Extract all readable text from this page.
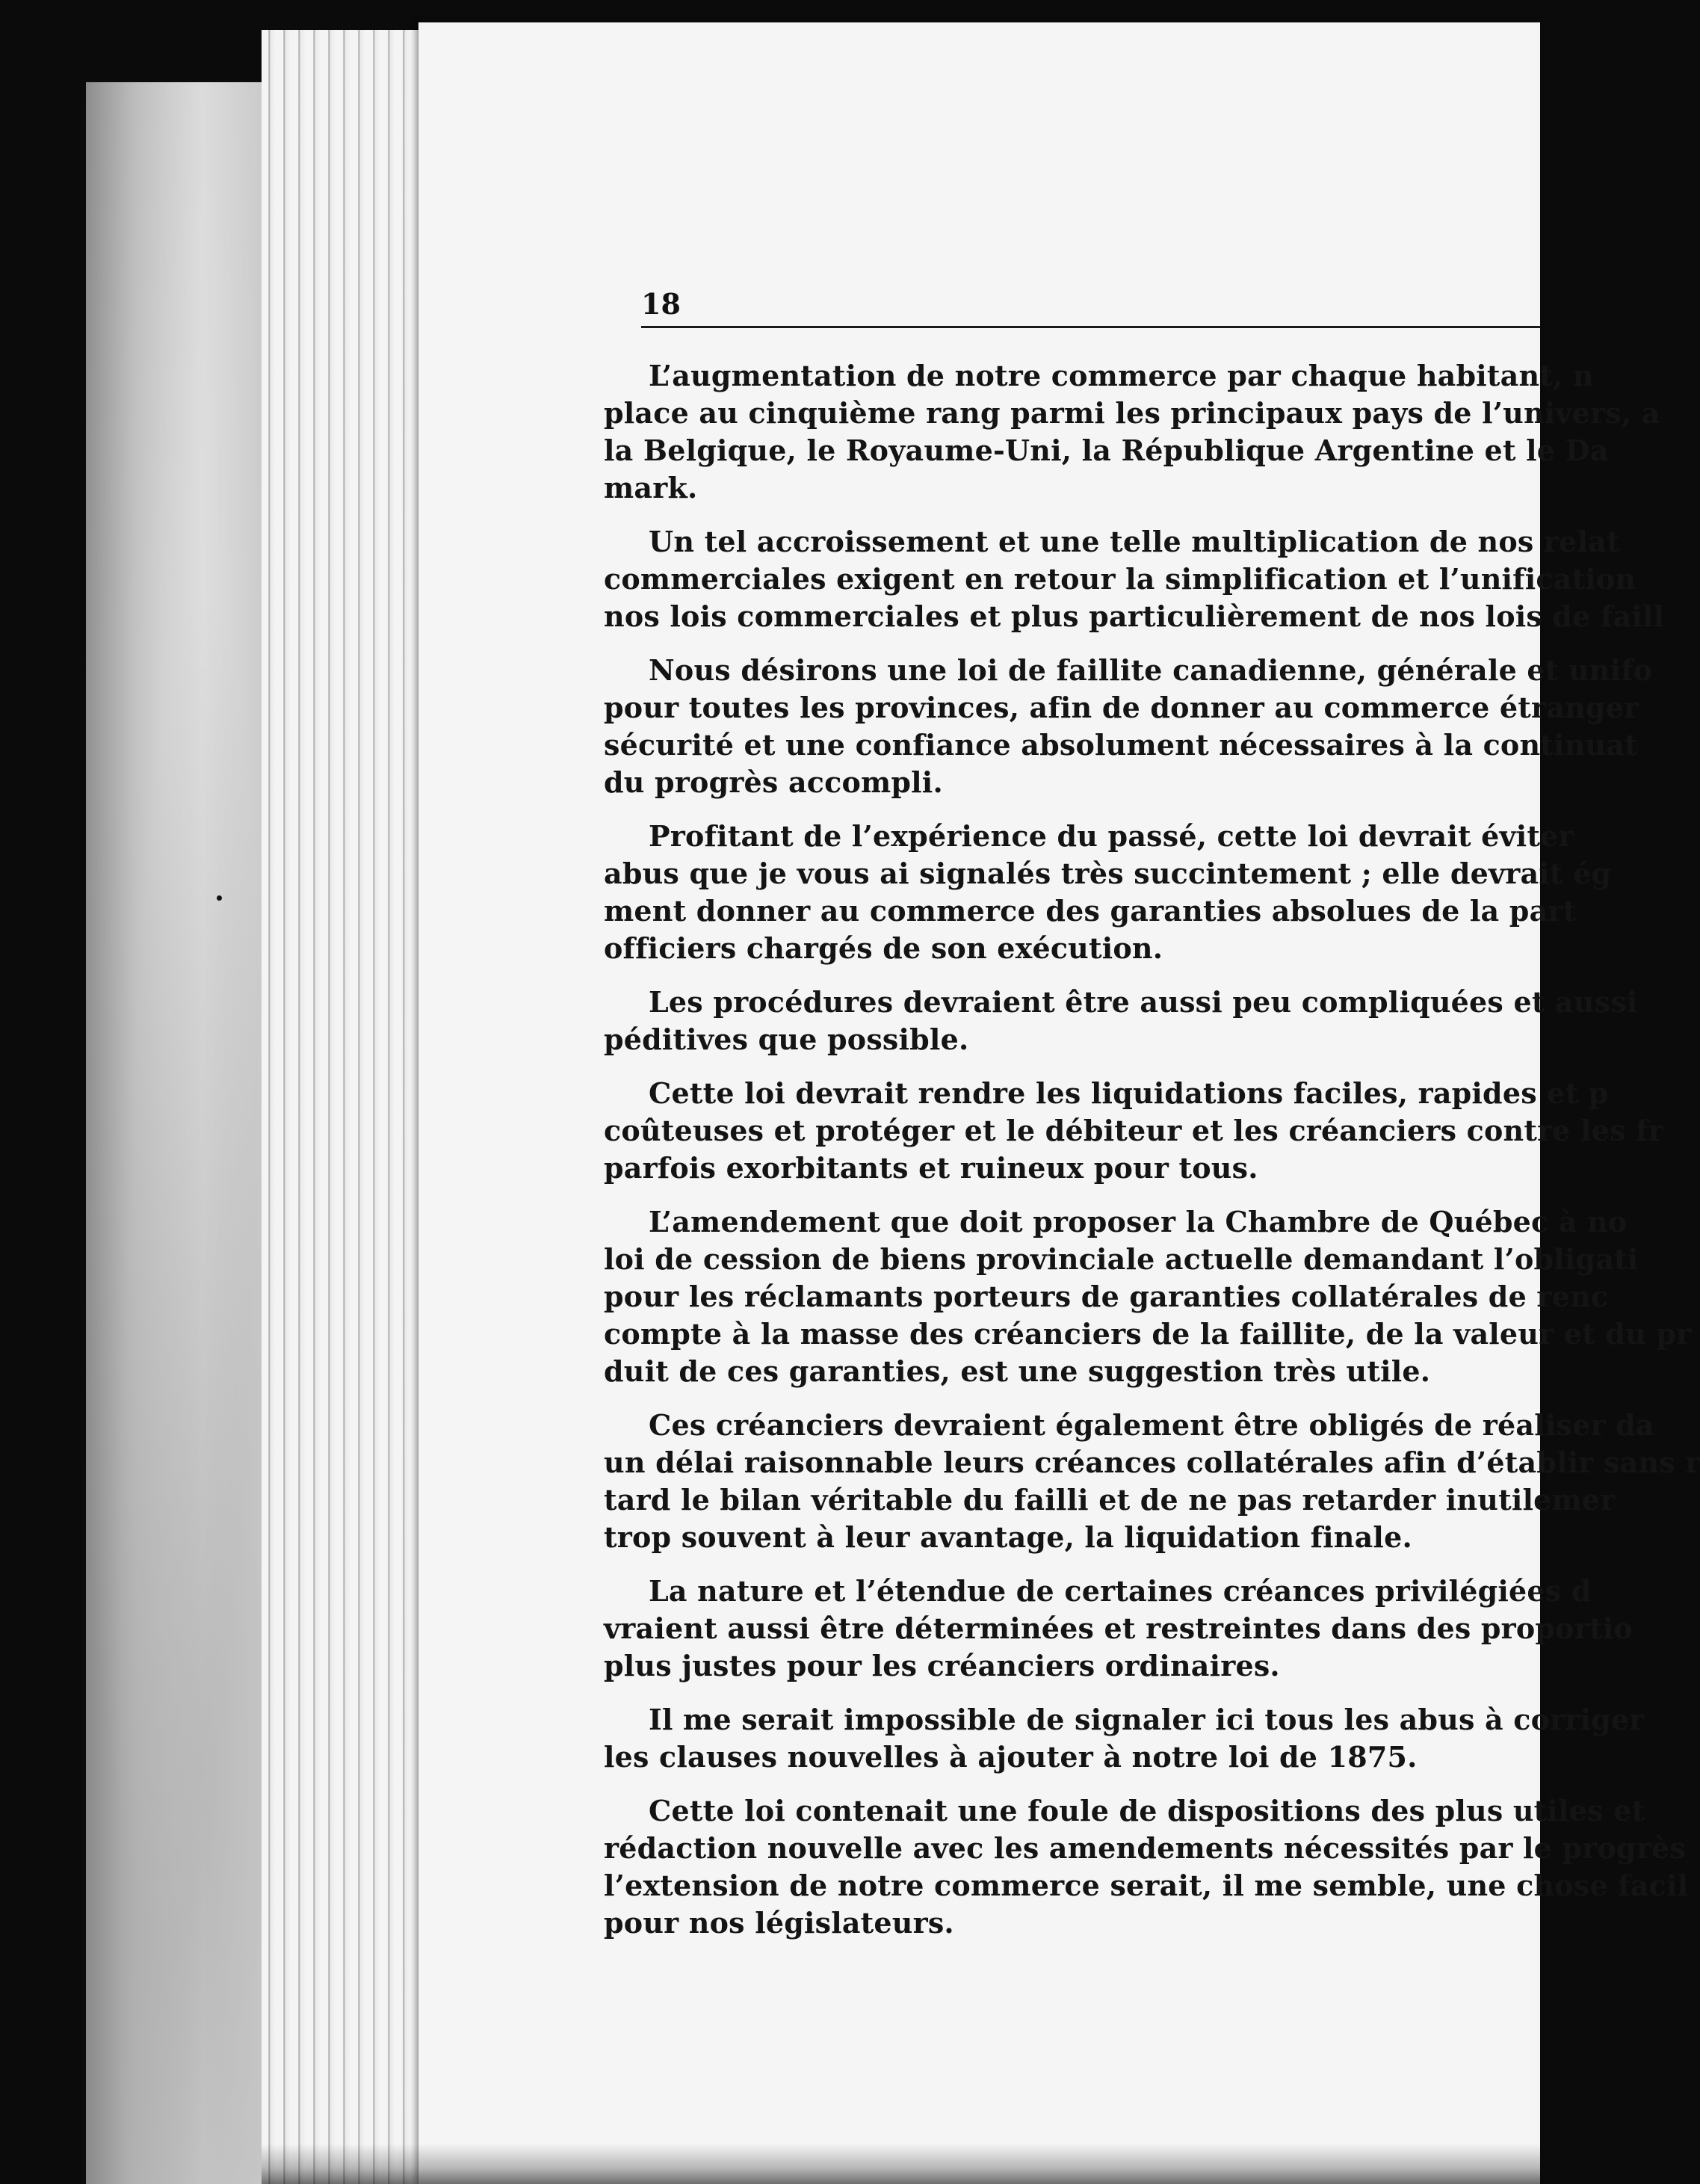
18
L’augmentation de notre commerce par chaque habitant, n
place au cinquième rang parmi les principaux pays de l’univers, a
la Belgique, le Royaume-Uni, la République Argentine et le Da
mark.
Un tel accroissement et une telle multiplication de nos relat
commerciales exigent en retour la simplification et l’unification
nos lois commerciales et plus particulièrement de nos lois de faill
Nous désirons une loi de faillite canadienne, générale et unifo
pour toutes les provinces, afin de donner au commerce étranger
sécurité et une confiance absolument nécessaires à la continuat
du progrès accompli.
Profitant de l’expérience du passé, cette loi devrait éviter
abus que je vous ai signalés très succintement ; elle devrait ég
ment donner au commerce des garanties absolues de la part
officiers chargés de son exécution.
Les procédures devraient être aussi peu compliquées et aussi
péditives que possible.
Cette loi devrait rendre les liquidations faciles, rapides et p
coûteuses et protéger et le débiteur et les créanciers contre les fr
parfois exorbitants et ruineux pour tous.
L’amendement que doit proposer la Chambre de Québec à no
loi de cession de biens provinciale actuelle demandant l’obligati
pour les réclamants porteurs de garanties collatérales de renc
compte à la masse des créanciers de la faillite, de la valeur et du pr
duit de ces garanties, est une suggestion très utile.
Ces créanciers devraient également être obligés de réaliser da
un délai raisonnable leurs créances collatérales afin d’établir sans r
tard le bilan véritable du failli et de ne pas retarder inutilemer
trop souvent à leur avantage, la liquidation finale.
La nature et l’étendue de certaines créances privilégiées d
vraient aussi être déterminées et restreintes dans des proportio
plus justes pour les créanciers ordinaires.
Il me serait impossible de signaler ici tous les abus à corriger
les clauses nouvelles à ajouter à notre loi de 1875.
Cette loi contenait une foule de dispositions des plus utiles et
rédaction nouvelle avec les amendements nécessités par le progrès
l’extension de notre commerce serait, il me semble, une chose facil
pour nos législateurs.
